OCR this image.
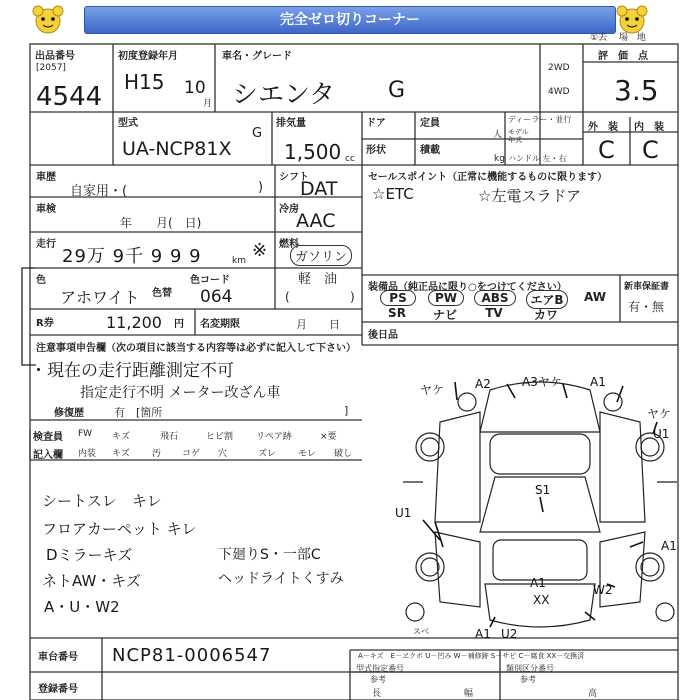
完全ゼロ切りコーナー
出品番号
[2057]
4544
初度登録年月
H15 10
月
車名・グレード
シエンタ G
2WD
4WD
評　価　点
①去 　場　地
3.5
型式
UA-NCP81X
G
排気量
1,500 cc
ドア	定員
人
ディーラー・並行
モデル
年式
形状	積載
kg ハンドル 左・右
外　装 内　装
C C
車歴
自家用・(	)
シフト
DAT
車検
年　　月(　日)
冷房
AAC
走行
29万 9千 9 9 9	km ※ 燃料
ガソリン
軽　油
色
アホワイト 色替
色コード
064	(	)
R券	11,200 円 名変期限	月　　日
セールスポイント（正常に機能するものに限ります）
☆ETC	☆左電スラドア
装備品（純正品に限り○をつけてください）	新車保証書
有・無
PS	PW	ABS	エアB	AW
SR	ナビ	TV	カワ
後日品
注意事項申告欄（次の項目に該当する内容等は必ずに記入して下さい）
・現在の走行距離測定不可
指定走行不明 メーター改ざん車
修復歴	有　[箇所	]
検査員
記入欄
FW キズ	飛石	ヒビ割	リペア跡	×要
内装 キズ 汚 コゲ 穴	ズレ モレ 破し
シートスレ　キレ
フロアカーペット キレ
Dミラーキズ
ネトAW・キズ
A・U・W2
下廻りS・一部C
ヘッドライトくすみ
ヤケ	A2	A3ヤケ A1
ヤケ
U1
U1
S1
A1
A1
XX
W2
A1 U2
スベ
A－キズ　E－ヱクボ U－凹み W－補修跡 S－サビ C－腐食 XX－交換済
型式指定番号
参考
類別区分番号
参考
車台番号 NCP81-0006547
登録番号	長	幅	高
